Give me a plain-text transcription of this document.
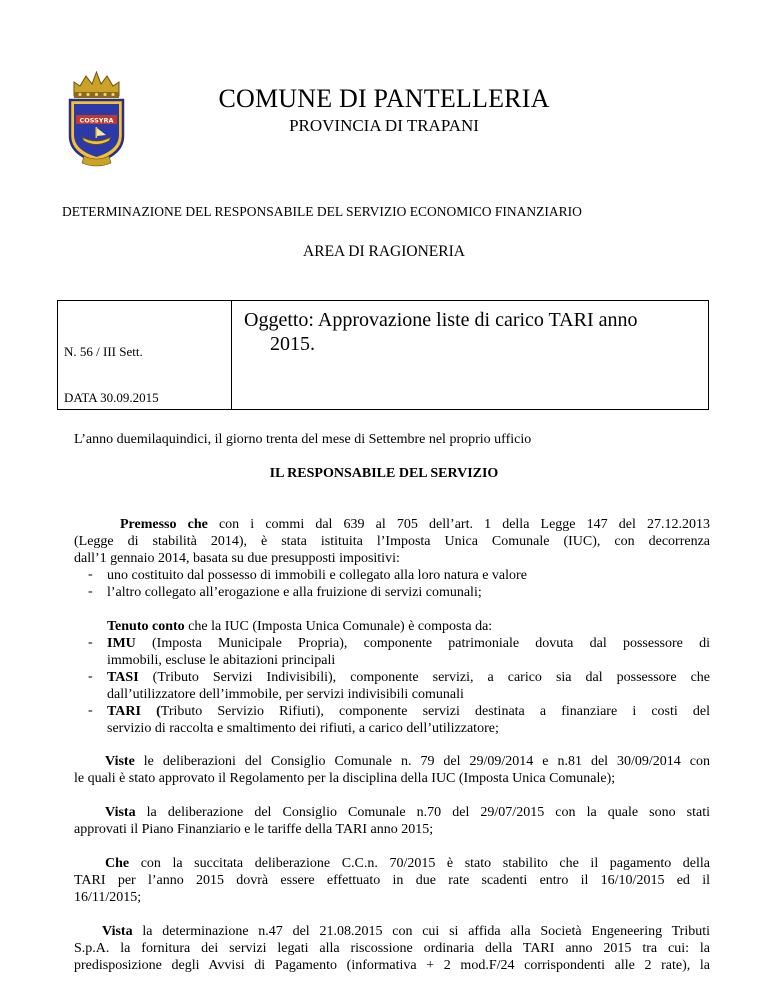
COSSYRA
COMUNE DI PANTELLERIA
PROVINCIA DI TRAPANI
DETERMINAZIONE DEL RESPONSABILE DEL SERVIZIO ECONOMICO FINANZIARIO
AREA DI RAGIONERIA
N. 56 / III Sett.
DATA 30.09.2015
Oggetto: Approvazione liste di carico TARI anno
2015.
L’anno duemilaquindici, il giorno trenta del mese di Settembre nel proprio ufficio
IL RESPONSABILE DEL SERVIZIO
Premesso che con i commi dal 639 al 705 dell’art. 1 della Legge 147 del 27.12.2013
(Legge di stabilità 2014), è stata istituita l’Imposta Unica Comunale (IUC), con decorrenza
dall’1 gennaio 2014, basata su due presupposti impositivi:
- uno costituito dal possesso di immobili e collegato alla loro natura e valore
- l’altro collegato all’erogazione e alla fruizione di servizi comunali;
Tenuto conto che la IUC (Imposta Unica Comunale) è composta da:
- IMU (Imposta Municipale Propria), componente patrimoniale dovuta dal possessore di
immobili, escluse le abitazioni principali
- TASI (Tributo Servizi Indivisibili), componente servizi, a carico sia dal possessore che
dall’utilizzatore dell’immobile, per servizi indivisibili comunali
- TARI (Tributo Servizio Rifiuti), componente servizi destinata a finanziare i costi del
servizio di raccolta e smaltimento dei rifiuti, a carico dell’utilizzatore;
Viste le deliberazioni del Consiglio Comunale n. 79 del 29/09/2014 e n.81 del 30/09/2014 con
le quali è stato approvato il Regolamento per la disciplina della IUC (Imposta Unica Comunale);
Vista la deliberazione del Consiglio Comunale n.70 del 29/07/2015 con la quale sono stati
approvati il Piano Finanziario e le tariffe della TARI anno 2015;
Che con la succitata deliberazione C.C.n. 70/2015 è stato stabilito che il pagamento della
TARI per l’anno 2015 dovrà essere effettuato in due rate scadenti entro il 16/10/2015 ed il
16/11/2015;
Vista la determinazione n.47 del 21.08.2015 con cui si affida alla Società Engeneering Tributi
S.p.A. la fornitura dei servizi legati alla riscossione ordinaria della TARI anno 2015 tra cui: la
predisposizione degli Avvisi di Pagamento (informativa + 2 mod.F/24 corrispondenti alle 2 rate), la
